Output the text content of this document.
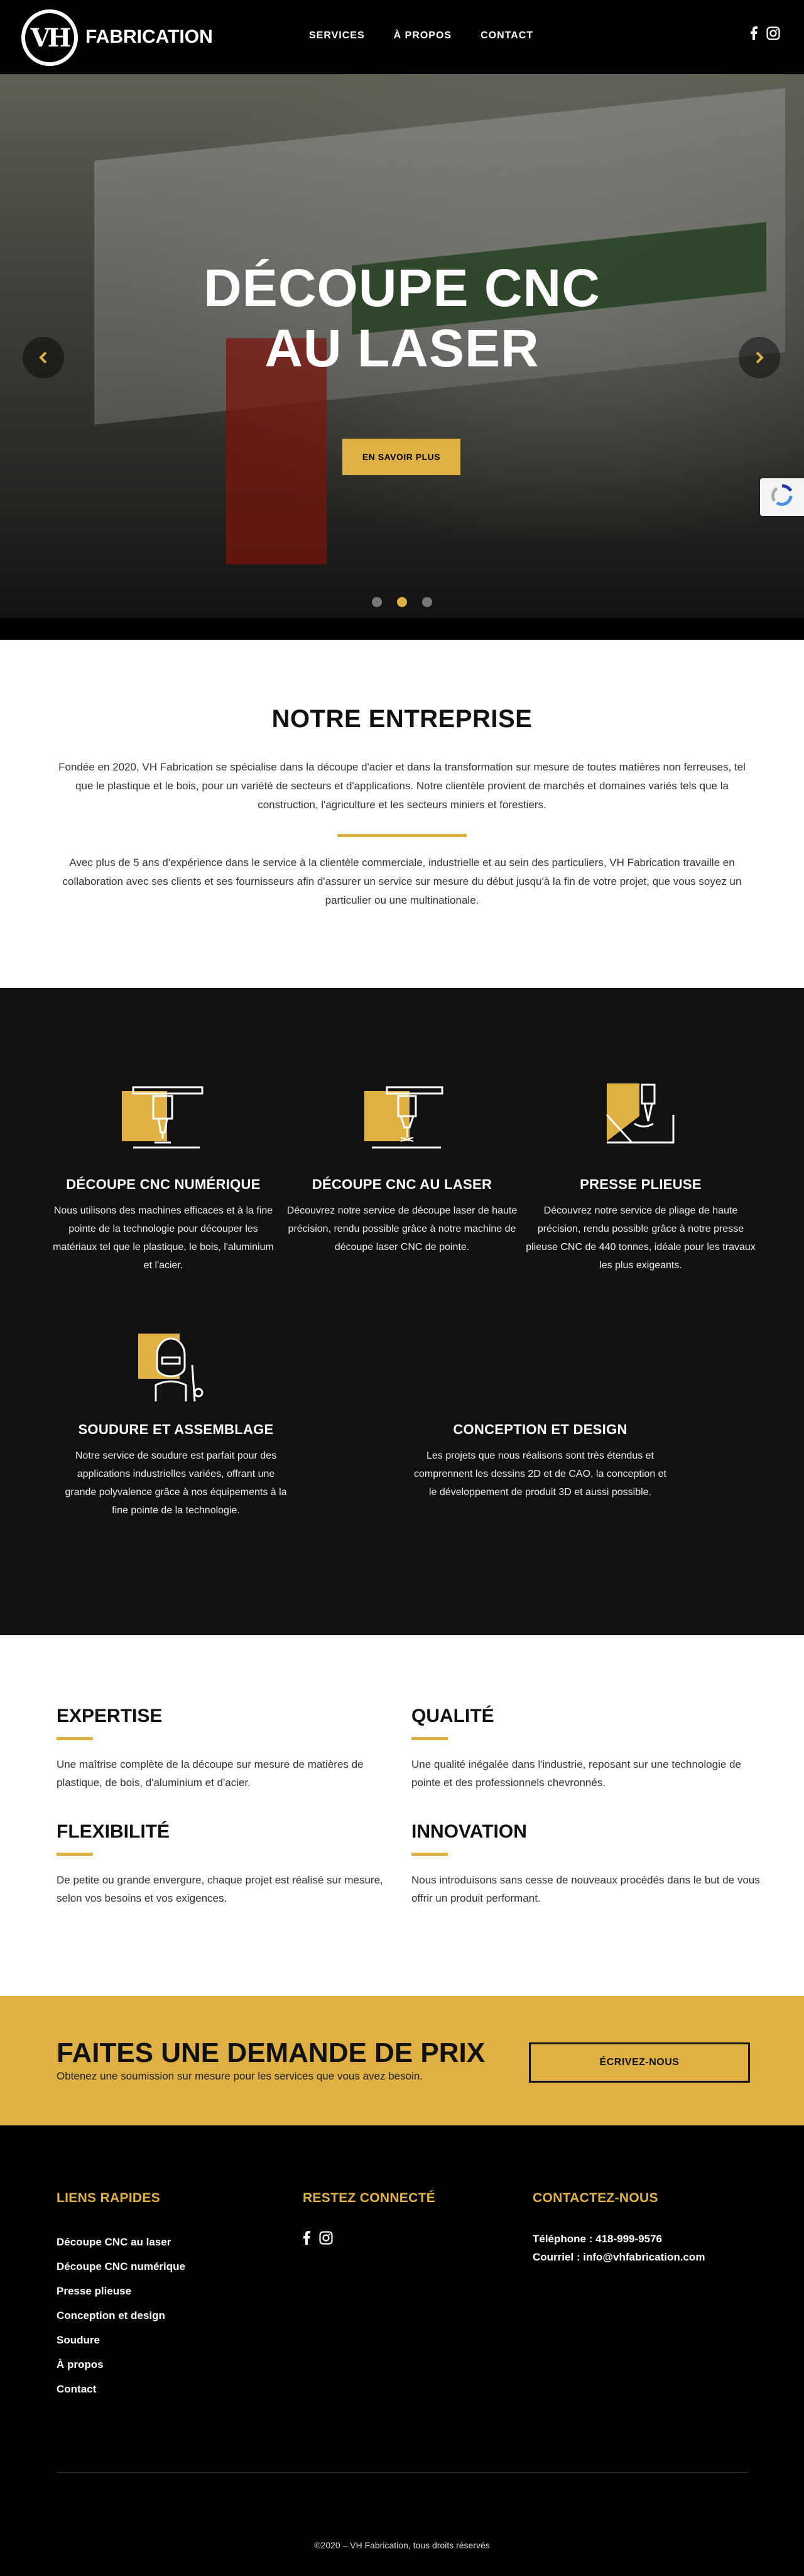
VH FABRICATION	SERVICES	À PROPOS	CONTACT
DÉCOUPE CNC
AU LASER
EN SAVOIR PLUS
NOTRE ENTREPRISE

Fondée en 2020, VH Fabrication se spécialise dans la découpe d'acier et dans la transformation sur mesure de toutes matières non ferreuses, tel que le plastique et le bois, pour un variété de secteurs et d'applications. Notre clientèle provient de marchés et domaines variés tels que la construction, l'agriculture et les secteurs miniers et forestiers.

Avec plus de 5 ans d'expérience dans le service à la clientèle commerciale, industrielle et au sein des particuliers, VH Fabrication travaille en collaboration avec ses clients et ses fournisseurs afin d'assurer un service sur mesure du début jusqu'à la fin de votre projet, que vous soyez un particulier ou une multinationale.

DÉCOUPE CNC NUMÉRIQUE

Nous utilisons des machines efficaces et à la fine pointe de la technologie pour découper les matériaux tel que le plastique, le bois, l'aluminium et l'acier.

DÉCOUPE CNC AU LASER

Découvrez notre service de découpe laser de haute précision, rendu possible grâce à notre machine de découpe laser CNC de pointe.

PRESSE PLIEUSE

Découvrez notre service de pliage de haute précision, rendu possible grâce à notre presse plieuse CNC de 440 tonnes, idéale pour les travaux les plus exigeants.

SOUDURE ET ASSEMBLAGE

Notre service de soudure est parfait pour des applications industrielles variées, offrant une grande polyvalence grâce à nos équipements à la fine pointe de la technologie.

CONCEPTION ET DESIGN

Les projets que nous réalisons sont très étendus et comprennent les dessins 2D et de CAO, la conception et le développement de produit 3D et aussi possible.

EXPERTISE

Une maîtrise complète de la découpe sur mesure de matières de plastique, de bois, d'aluminium et d'acier.

QUALITÉ

Une qualité inégalée dans l'industrie, reposant sur une technologie de pointe et des professionnels chevronnés.

FLEXIBILITÉ

De petite ou grande envergure, chaque projet est réalisé sur mesure, selon vos besoins et vos exigences.

INNOVATION

Nous introduisons sans cesse de nouveaux procédés dans le but de vous offrir un produit performant.

FAITES UNE DEMANDE DE PRIX

Obtenez une soumission sur mesure pour les services que vous avez besoin.

ÉCRIVEZ-NOUS
LIENS RAPIDES
Découpe CNC au laser
Découpe CNC numérique
Presse plieuse
Conception et design
Soudure
À propos
Contact
RESTEZ CONNECTÉ	CONTACTEZ-NOUS
Téléphone : 418-999-9576
Courriel : info@vhfabrication.com
©2020 – VH Fabrication, tous droits réservés
